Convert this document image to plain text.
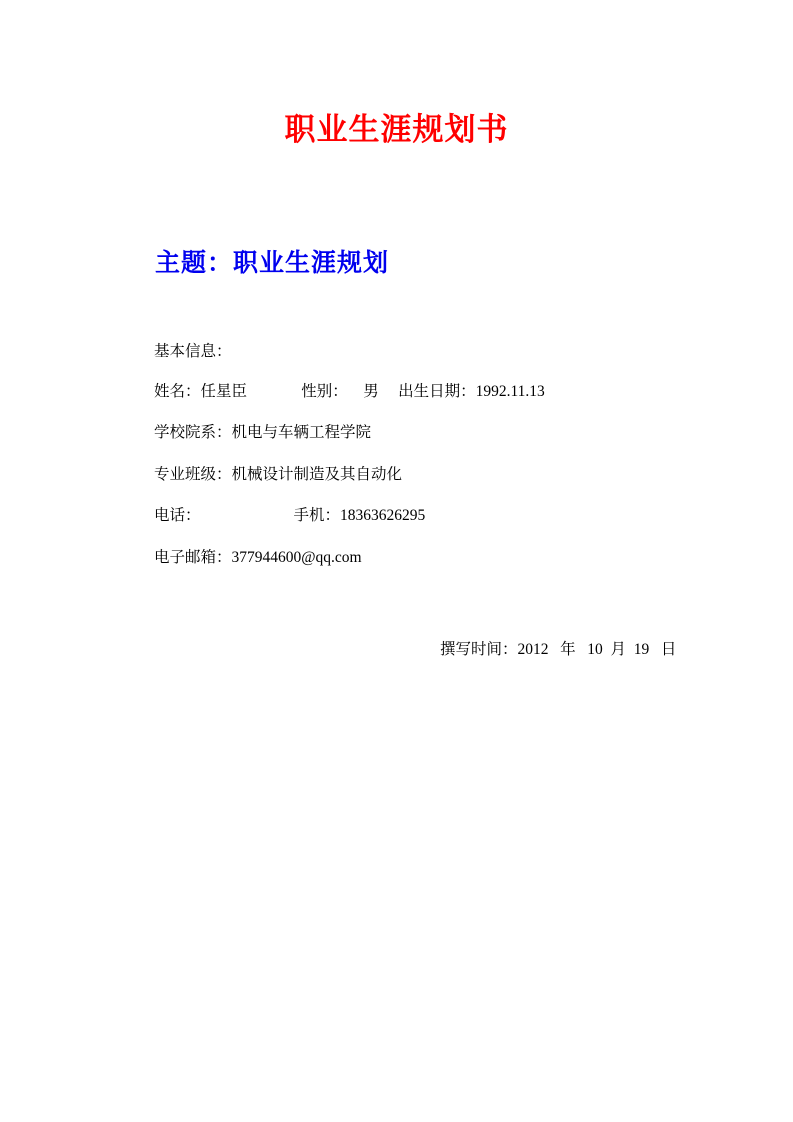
职业生涯规划书
主题：职业生涯规划
基本信息：
姓名：任星臣              性别：    男     出生日期：1992.11.13
学校院系：机电与车辆工程学院
专业班级：机械设计制造及其自动化
电话：                        手机：18363626295
电子邮箱：377944600@qq.com
撰写时间：2012   年   10  月  19   日
